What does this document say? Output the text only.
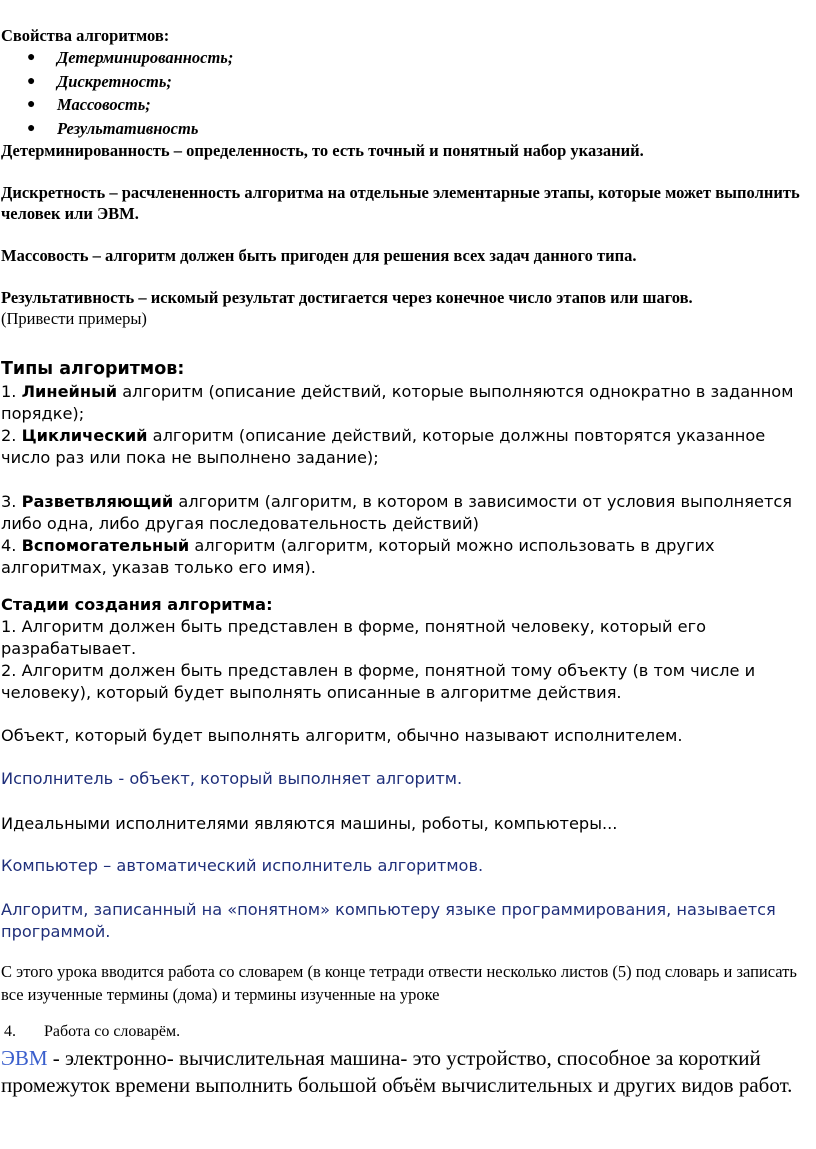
Свойства алгоритмов:

● Детерминированность;
● Дискретность;
● Массовость;
● Результативность

Детерминированность – определенность, то есть точный и понятный набор указаний.

Дискретность – расчлененность алгоритма на отдельные элементарные этапы, которые может выполнить человек или ЭВМ.

Массовость – алгоритм должен быть пригоден для решения всех задач данного типа.

Результативность – искомый результат достигается через конечное число этапов или шагов.

(Привести примеры)

Типы алгоритмов:

1. Линейный алгоритм (описание действий, которые выполняются однократно в заданном порядке);

2. Циклический алгоритм (описание действий, которые должны повторятся указанное число раз или пока не выполнено задание);

3. Разветвляющий алгоритм (алгоритм, в котором в зависимости от условия выполняется либо одна, либо другая последовательность действий)

4. Вспомогательный алгоритм (алгоритм, который можно использовать в других алгоритмах, указав только его имя).

Стадии создания алгоритма:

1. Алгоритм должен быть представлен в форме, понятной человеку, который его разрабатывает.

2. Алгоритм должен быть представлен в форме, понятной тому объекту (в том числе и человеку), который будет выполнять описанные в алгоритме действия.

Объект, который будет выполнять алгоритм, обычно называют исполнителем.

Исполнитель - объект, который выполняет алгоритм.

Идеальными исполнителями являются машины, роботы, компьютеры...

Компьютер – автоматический исполнитель алгоритмов.

Алгоритм, записанный на «понятном» компьютеру языке программирования, называется программой.

С этого урока вводится работа со словарем (в конце тетради отвести несколько листов (5) под словарь и записать все изученные термины (дома) и термины изученные на уроке

4. Работа со словарём.

ЭВМ - электронно- вычислительная машина- это устройство, способное за короткий промежуток времени выполнить большой объём вычислительных и других видов работ.
